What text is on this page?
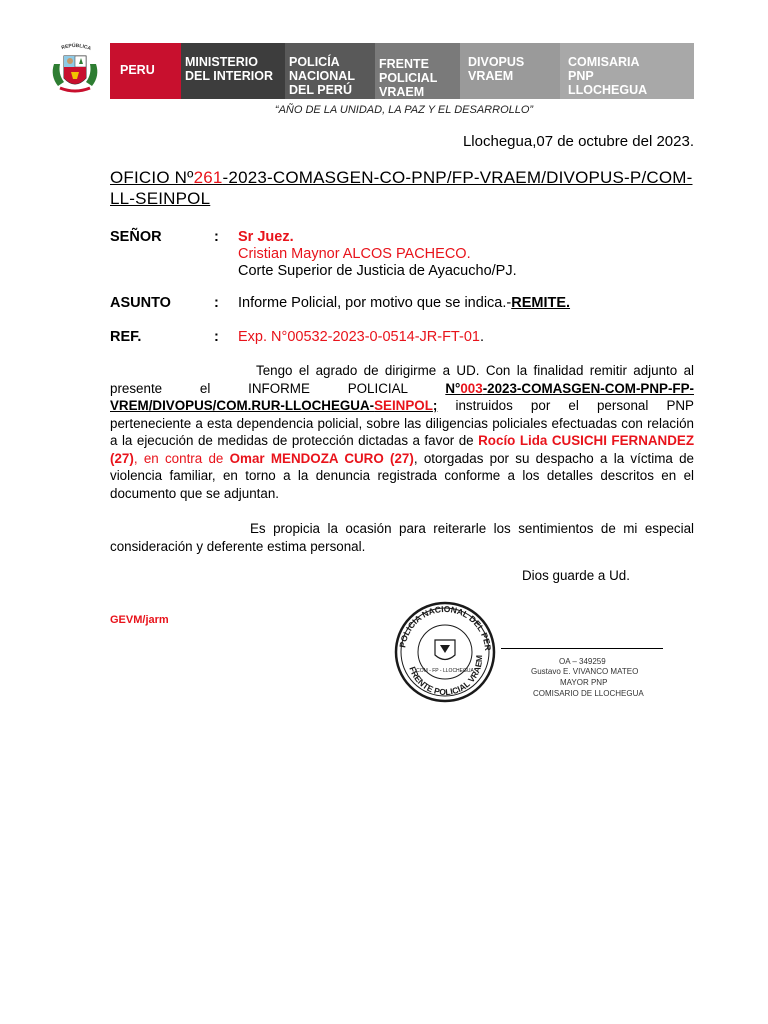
REPÚBLICA
PERU
MINISTERIO
DEL INTERIOR
POLICÍA
NACIONAL
DEL PERÚ
FRENTE
POLICIAL
VRAEM
DIVOPUS
VRAEM
COMISARIA
PNP
LLOCHEGUA
“AÑO DE LA UNIDAD, LA PAZ Y EL DESARROLLO”
Llochegua,07 de octubre del 2023.
OFICIO Nº261-2023-COMASGEN-CO-PNP/FP-VRAEM/DIVOPUS-P/COM-LL-SEINPOL
SEÑOR	: Sr Juez.
Cristian Maynor ALCOS PACHECO.
Corte Superior de Justicia de Ayacucho/PJ.
ASUNTO	: Informe Policial, por motivo que se indica.-REMITE.
REF.	: Exp. N°00532-2023-0-0514-JR-FT-01.
Tengo el agrado de dirigirme a UD. Con la finalidad remitir adjunto al presente el INFORME POLICIAL	N°003-2023-COMASGEN-COM-PNP-FP-VREM/DIVOPUS/COM.RUR-LLOCHEGUA-SEINPOL; instruidos por el personal PNP perteneciente a esta dependencia policial, sobre las diligencias policiales efectuadas con relación a la ejecución de medidas de protección dictadas a favor de Rocío Lida CUSICHI FERNANDEZ (27), en contra de Omar MENDOZA CURO (27), otorgadas por su despacho a la víctima de violencia familiar, en torno a la denuncia registrada conforme a los detalles descritos en el documento que se adjuntan.
Es propicia la ocasión para reiterarle los sentimientos de mi especial consideración y deferente estima personal.
Dios guarde a Ud.
GEVM/jarm
POLICIA NACIONAL DEL PER
FRENTE POLICIAL VRAEM
COM - FP - LLOCHEGUA
OA – 349259
Gustavo E. VIVANCO MATEO
MAYOR PNP
COMISARIO DE LLOCHEGUA
